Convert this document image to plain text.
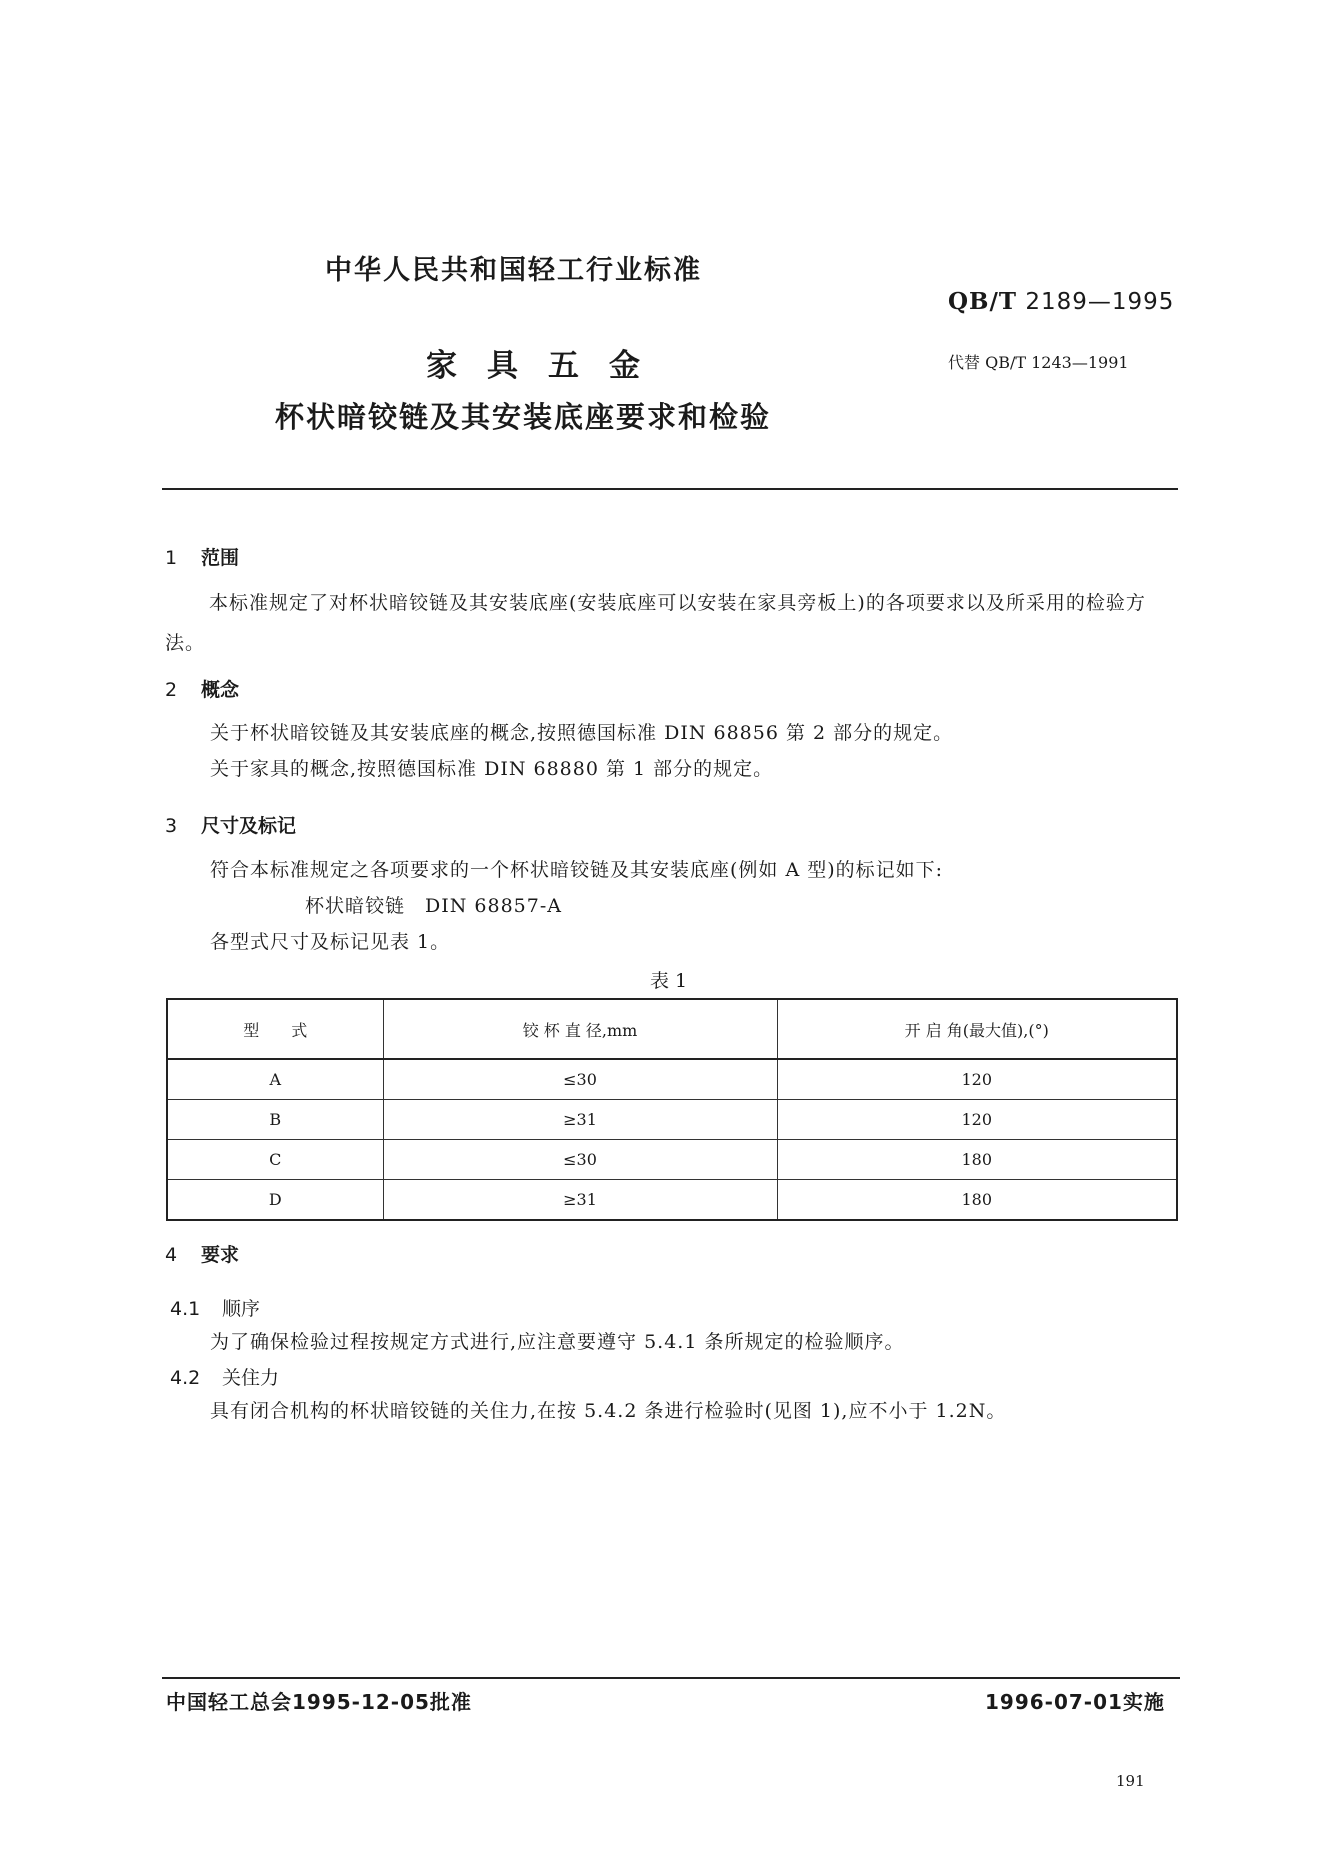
中华人民共和国轻工行业标准
QB/T 2189—1995
家具五金	代替 QB/T 1243—1991
杯状暗铰链及其安装底座要求和检验
1 范围
本标准规定了对杯状暗铰链及其安装底座(安装底座可以安装在家具旁板上)的各项要求以及所采用的检验方法。
2 概念
关于杯状暗铰链及其安装底座的概念,按照德国标准 DIN 68856 第 2 部分的规定。
关于家具的概念,按照德国标准 DIN 68880 第 1 部分的规定。
3 尺寸及标记
符合本标准规定之各项要求的一个杯状暗铰链及其安装底座(例如 A 型)的标记如下:
杯状暗铰链　DIN 68857-A
各型式尺寸及标记见表 1。
表 1
型　　式	铰 杯 直 径,mm	开 启 角(最大值),(°)
A	≤30	120
B	≥31	120
C	≤30	180
D	≥31	180
4 要求
4.1 顺序
为了确保检验过程按规定方式进行,应注意要遵守 5.4.1 条所规定的检验顺序。
4.2 关住力
具有闭合机构的杯状暗铰链的关住力,在按 5.4.2 条进行检验时(见图 1),应不小于 1.2N。
中国轻工总会1995-12-05批准	1996-07-01实施
191
